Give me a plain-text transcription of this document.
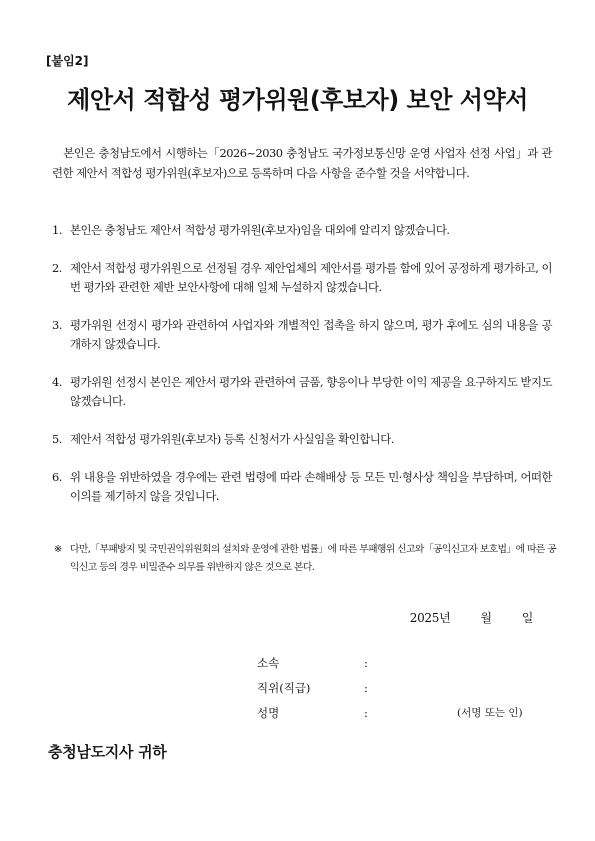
[붙임2]
제안서 적합성 평가위원(후보자) 보안 서약서
본인은 충청남도에서 시행하는「2026~2030 충청남도 국가정보통신망 운영 사업자 선정 사업」과 관련한 제안서 적합성 평가위원(후보자)으로 등록하며 다음 사항을 준수할 것을 서약합니다.
1. 본인은 충청남도 제안서 적합성 평가위원(후보자)임을 대외에 알리지 않겠습니다.
2. 제안서 적합성 평가위원으로 선정될 경우 제안업체의 제안서를 평가를 함에 있어 공정하게 평가하고, 이번 평가와 관련한 제반 보안사항에 대해 일체 누설하지 않겠습니다.
3. 평가위원 선정시 평가와 관련하여 사업자와 개별적인 접촉을 하지 않으며, 평가 후에도 심의 내용을 공개하지 않겠습니다.
4. 평가위원 선정시 본인은 제안서 평가와 관련하여 금품, 향응이나 부당한 이익 제공을 요구하지도 받지도 않겠습니다.
5. 제안서 적합성 평가위원(후보자) 등록 신청서가 사실임을 확인합니다.
6. 위 내용을 위반하였을 경우에는 관련 법령에 따라 손해배상 등 모든 민·형사상 책임을 부담하며, 어떠한 이의를 제기하지 않을 것입니다.
※ 다만,「부패방지 및 국민권익위원회의 설치와 운영에 관한 법률」에 따른 부패행위 신고와「공익신고자 보호법」에 따른 공익신고 등의 경우 비밀준수 의무를 위반하지 않은 것으로 본다.
2025년	월	일
소속	:
직위(직급)	:
성명	:	(서명 또는 인)
충청남도지사 귀하
